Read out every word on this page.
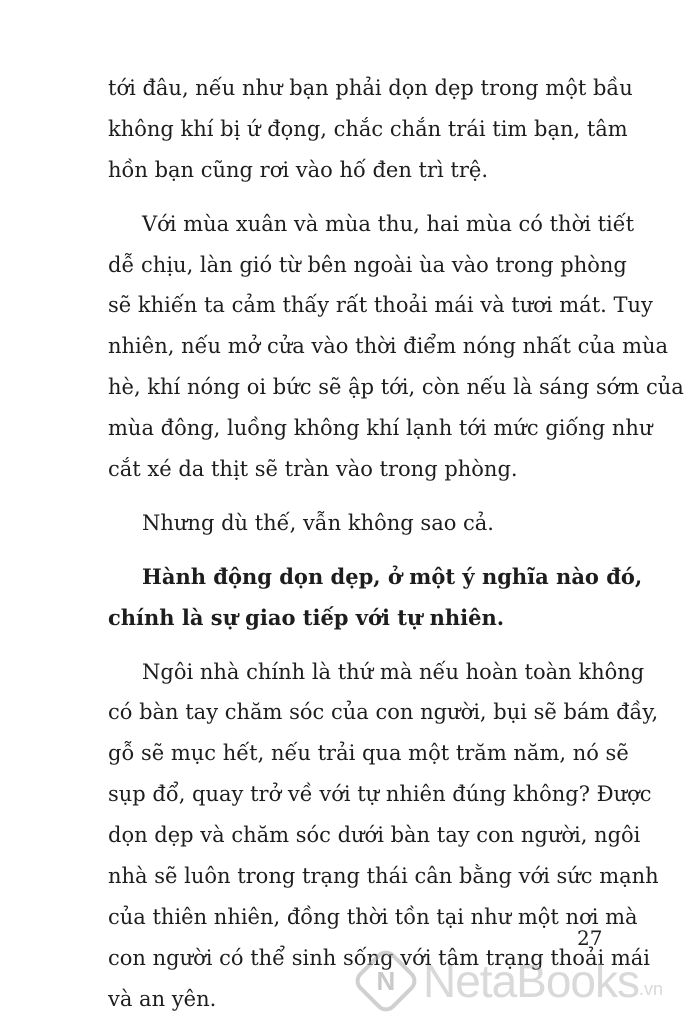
tới đâu, nếu như bạn phải dọn dẹp trong một bầu
không khí bị ứ đọng, chắc chắn trái tim bạn, tâm
hồn bạn cũng rơi vào hố đen trì trệ.
Với mùa xuân và mùa thu, hai mùa có thời tiết
dễ chịu, làn gió từ bên ngoài ùa vào trong phòng
sẽ khiến ta cảm thấy rất thoải mái và tươi mát. Tuy
nhiên, nếu mở cửa vào thời điểm nóng nhất của mùa
hè, khí nóng oi bức sẽ ập tới, còn nếu là sáng sớm của
mùa đông, luồng không khí lạnh tới mức giống như
cắt xé da thịt sẽ tràn vào trong phòng.
Nhưng dù thế, vẫn không sao cả.
Hành động dọn dẹp, ở một ý nghĩa nào đó,
chính là sự giao tiếp với tự nhiên.
Ngôi nhà chính là thứ mà nếu hoàn toàn không
có bàn tay chăm sóc của con người, bụi sẽ bám đầy,
gỗ sẽ mục hết, nếu trải qua một trăm năm, nó sẽ
sụp đổ, quay trở về với tự nhiên đúng không? Được
dọn dẹp và chăm sóc dưới bàn tay con người, ngôi
nhà sẽ luôn trong trạng thái cân bằng với sức mạnh
của thiên nhiên, đồng thời tồn tại như một nơi mà
con người có thể sinh sống với tâm trạng thoải mái
và an yên.
27
N NetaBooks .vn
